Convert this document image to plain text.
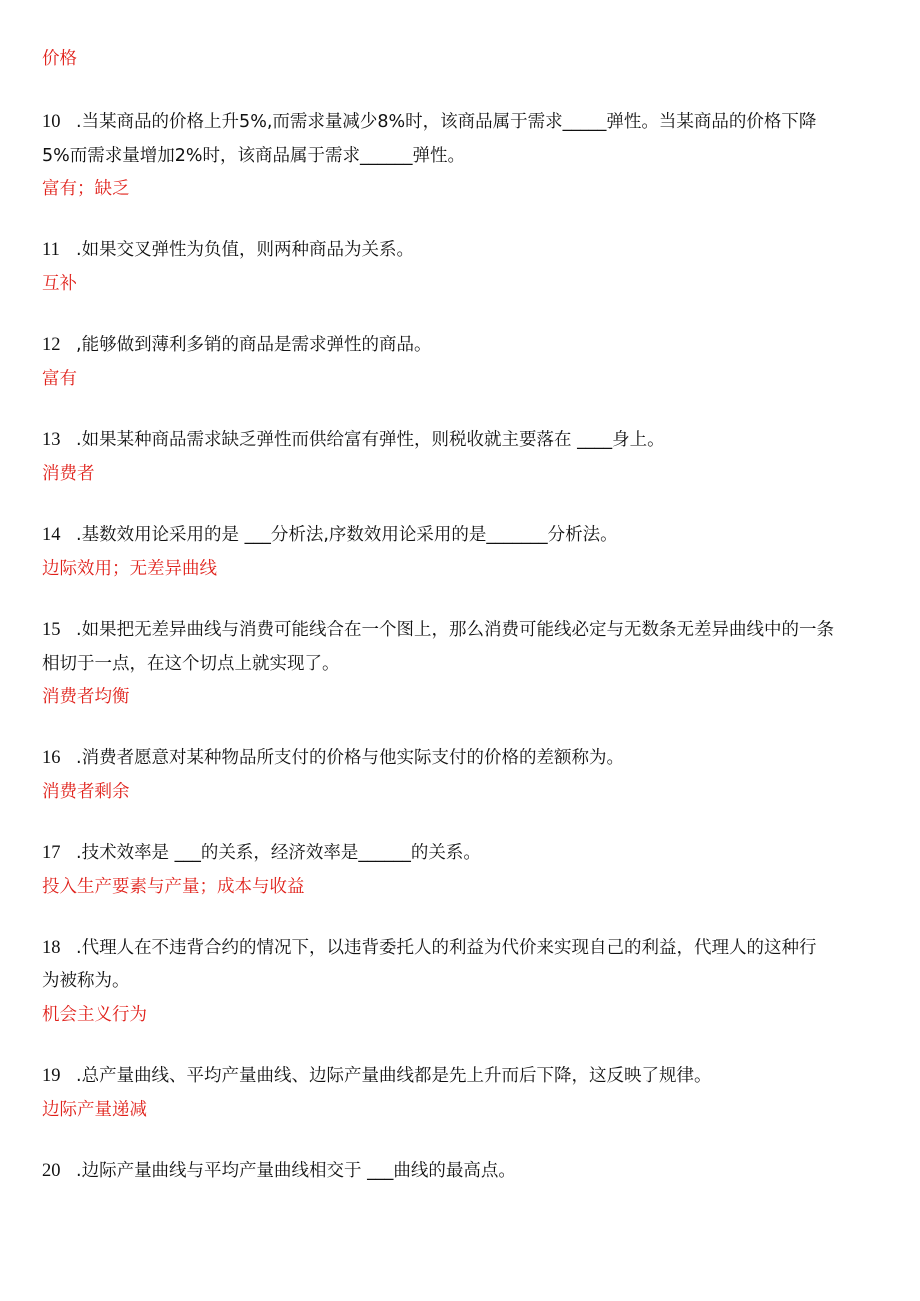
价格
10 .当某商品的价格上升5%,而需求量减少8%时，该商品属于需求_____弹性。当某商品的价格下降
5%而需求量增加2%时，该商品属于需求______弹性。
富有；缺乏
11 .如果交叉弹性为负值，则两种商品为关系。
互补
12 ,能够做到薄利多销的商品是需求弹性的商品。
富有
13 .如果某种商品需求缺乏弹性而供给富有弹性，则税收就主要落在 ____身上。
消费者
14 .基数效用论采用的是 ___分析法,序数效用论采用的是_______分析法。
边际效用；无差异曲线
15 .如果把无差异曲线与消费可能线合在一个图上，那么消费可能线必定与无数条无差异曲线中的一条
相切于一点，在这个切点上就实现了。
消费者均衡
16 .消费者愿意对某种物品所支付的价格与他实际支付的价格的差额称为。
消费者剩余
17 .技术效率是 ___的关系，经济效率是______的关系。
投入生产要素与产量；成本与收益
18 .代理人在不违背合约的情况下，以违背委托人的利益为代价来实现自己的利益，代理人的这种行
为被称为。
机会主义行为
19 .总产量曲线、平均产量曲线、边际产量曲线都是先上升而后下降，这反映了规律。
边际产量递减
20 .边际产量曲线与平均产量曲线相交于 ___曲线的最高点。
